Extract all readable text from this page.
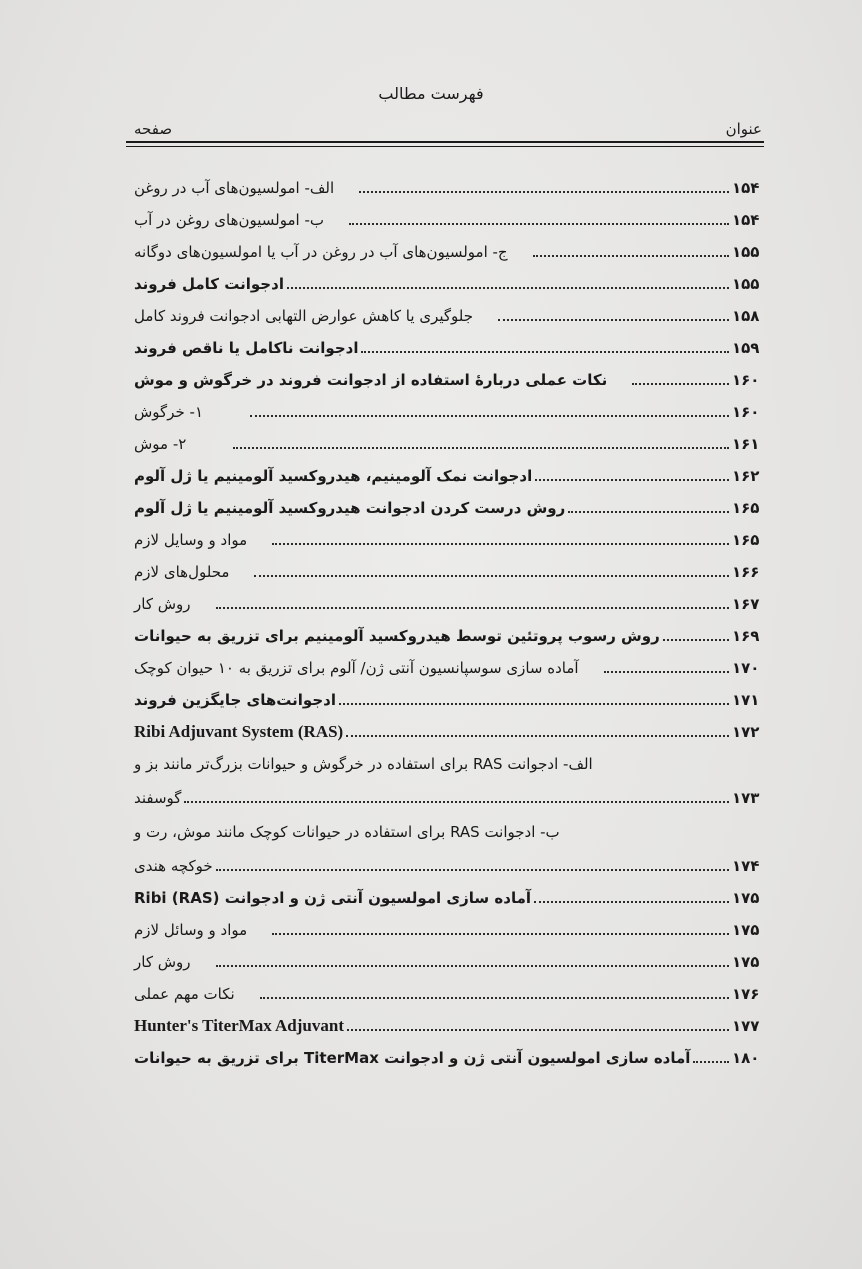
فهرست مطالب
عنوان
صفحه
الف- امولسیون‌های آب در روغن	۱۵۴
ب- امولسیون‌های روغن در آب	۱۵۴
ج- امولسیون‌های آب در روغن در آب یا امولسیون‌های دوگانه	۱۵۵
ادجوانت کامل فروند	۱۵۵
جلوگیری یا کاهش عوارض التهابی ادجوانت فروند کامل	۱۵۸
ادجوانت ناکامل یا ناقص فروند	۱۵۹
نکات عملی دربارهٔ استفاده از ادجوانت فروند در خرگوش و موش	۱۶۰
۱- خرگوش	۱۶۰
۲- موش	۱۶۱
ادجوانت نمک آلومینیم، هیدروکسید آلومینیم یا ژل آلوم	۱۶۲
روش درست کردن ادجوانت هیدروکسید آلومینیم یا ژل آلوم	۱۶۵
مواد و وسایل لازم	۱۶۵
محلول‌های لازم	۱۶۶
روش کار	۱۶۷
روش رسوب پروتئین توسط هیدروکسید آلومینیم برای تزریق به حیوانات	۱۶۹
آماده سازی سوسپانسیون آنتی ژن/ آلوم برای تزریق به ۱۰ حیوان کوچک	۱۷۰
ادجوانت‌های جایگزین فروند	۱۷۱
Ribi Adjuvant System (RAS)	۱۷۲
الف- ادجوانت RAS برای استفاده در خرگوش و حیوانات بزرگ‌تر مانند بز و
گوسفند	۱۷۳
ب- ادجوانت RAS برای استفاده در حیوانات کوچک مانند موش، رت و
خوکچه هندی	۱۷۴
آماده سازی امولسیون آنتی ژن و ادجوانت (RAS) Ribi	۱۷۵
مواد و وسائل لازم	۱۷۵
روش کار	۱۷۵
نکات مهم عملی	۱۷۶
Hunter's TiterMax Adjuvant	۱۷۷
آماده سازی امولسیون آنتی ژن و ادجوانت TiterMax برای تزریق به حیوانات	۱۸۰
